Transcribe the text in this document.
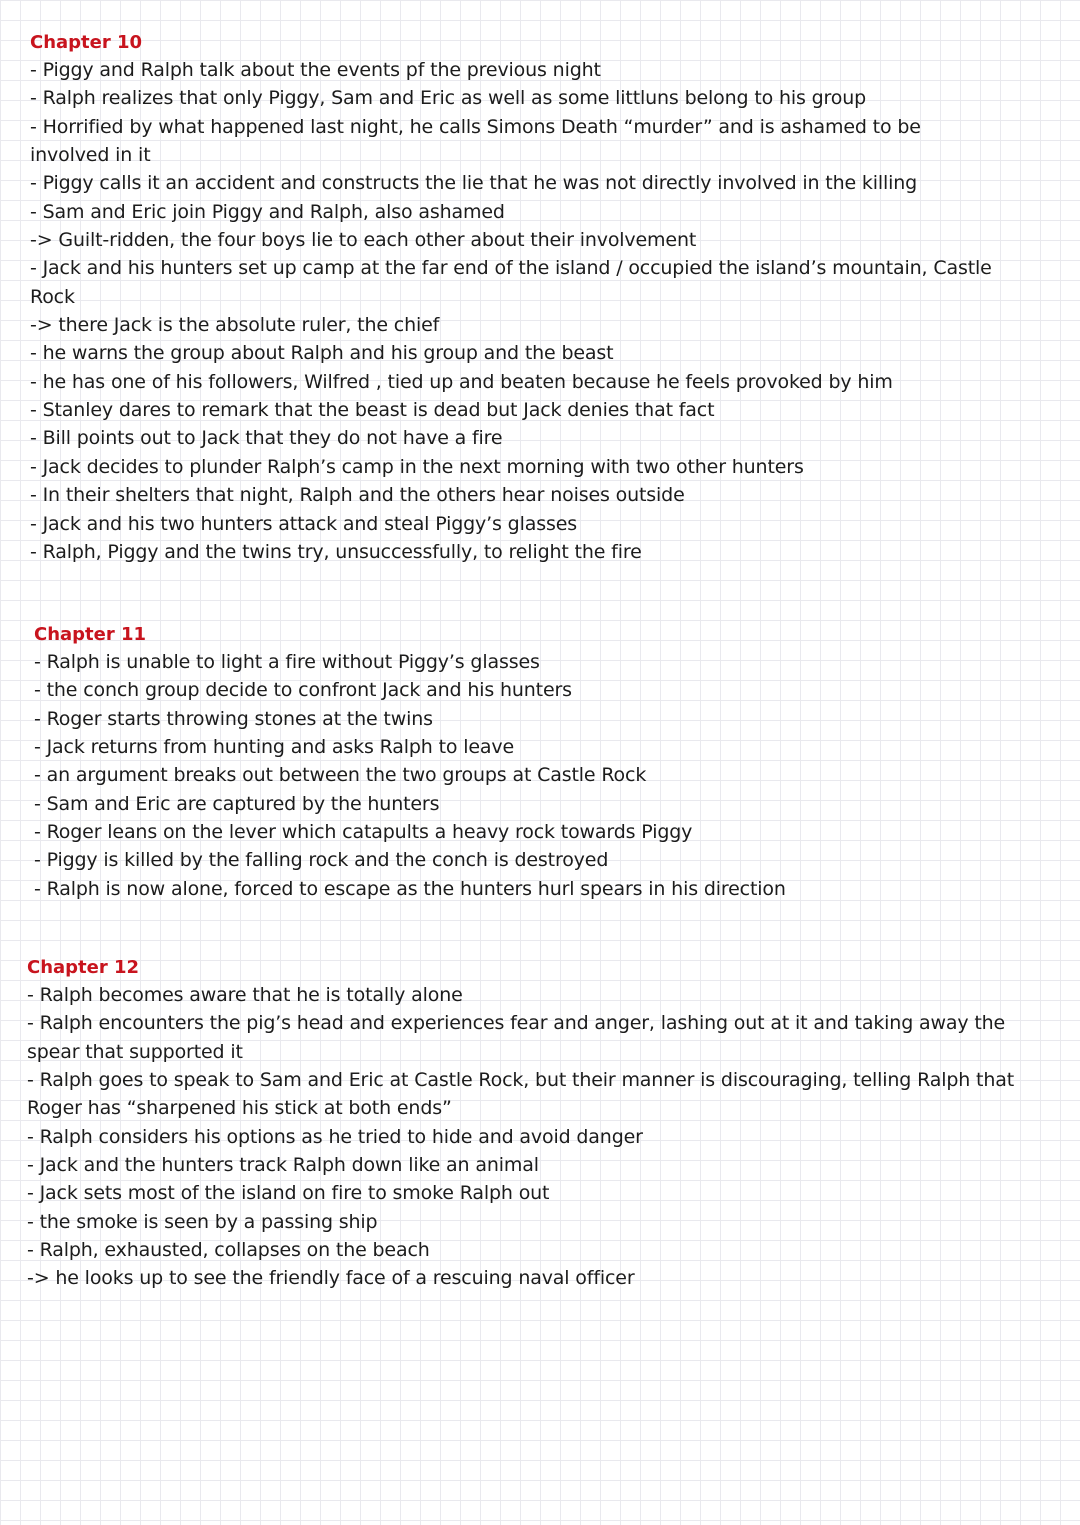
Chapter 10
- Piggy and Ralph talk about the events pf the previous night
- Ralph realizes that only Piggy, Sam and Eric as well as some littluns belong to his group
- Horrified by what happened last night, he calls Simons Death “murder” and is ashamed to be
involved in it
- Piggy calls it an accident and constructs the lie that he was not directly involved in the killing
- Sam and Eric join Piggy and Ralph, also ashamed
-> Guilt-ridden, the four boys lie to each other about their involvement
- Jack and his hunters set up camp at the far end of the island / occupied the island’s mountain, Castle
Rock
-> there Jack is the absolute ruler, the chief
- he warns the group about Ralph and his group and the beast
- he has one of his followers, Wilfred , tied up and beaten because he feels provoked by him
- Stanley dares to remark that the beast is dead but Jack denies that fact
- Bill points out to Jack that they do not have a fire
- Jack decides to plunder Ralph’s camp in the next morning with two other hunters
- In their shelters that night, Ralph and the others hear noises outside
- Jack and his two hunters attack and steal Piggy’s glasses
- Ralph, Piggy and the twins try, unsuccessfully, to relight the fire
Chapter 11
- Ralph is unable to light a fire without Piggy’s glasses
- the conch group decide to confront Jack and his hunters
- Roger starts throwing stones at the twins
- Jack returns from hunting and asks Ralph to leave
- an argument breaks out between the two groups at Castle Rock
- Sam and Eric are captured by the hunters
- Roger leans on the lever which catapults a heavy rock towards Piggy
- Piggy is killed by the falling rock and the conch is destroyed
- Ralph is now alone, forced to escape as the hunters hurl spears in his direction
Chapter 12
- Ralph becomes aware that he is totally alone
- Ralph encounters the pig’s head and experiences fear and anger, lashing out at it and taking away the
spear that supported it
- Ralph goes to speak to Sam and Eric at Castle Rock, but their manner is discouraging, telling Ralph that
Roger has “sharpened his stick at both ends”
- Ralph considers his options as he tried to hide and avoid danger
- Jack and the hunters track Ralph down like an animal
- Jack sets most of the island on fire to smoke Ralph out
- the smoke is seen by a passing ship
- Ralph, exhausted, collapses on the beach
-> he looks up to see the friendly face of a rescuing naval officer
